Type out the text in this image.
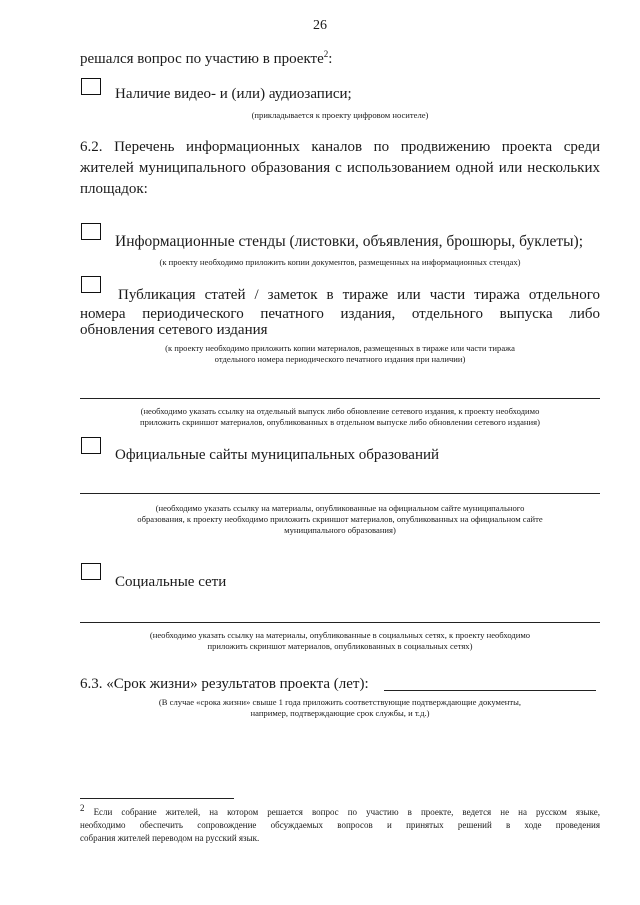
26
решался вопрос по участию в проекте$^2$:
Наличие видео- и (или) аудиозаписи;
(прикладывается к проекту цифровом носителе)
6.2. Перечень информационных каналов по продвижению проекта среди
жителей муниципального образования с использованием одной или нескольких
площадок:
Информационные стенды (листовки, объявления, брошюры, буклеты);
(к проекту необходимо приложить копии документов, размещенных на информационных стендах)
Публикация статей / заметок в тираже или части тиража отдельного
номера периодического печатного издания, отдельного выпуска либо
обновления сетевого издания
(к проекту необходимо приложить копии материалов, размещенных в тираже или части тиража
отдельного номера периодического печатного издания при наличии)
(необходимо указать ссылку на отдельный выпуск либо обновление сетевого издания, к проекту необходимо
приложить скриншот материалов, опубликованных в отдельном выпуске либо обновлении сетевого издания)
Официальные сайты муниципальных образований
(необходимо указать ссылку на материалы, опубликованные на официальном сайте муниципального
образования, к проекту необходимо приложить скриншот материалов, опубликованных на официальном сайте
муниципального образования)
Социальные сети
(необходимо указать ссылку на материалы, опубликованные в социальных сетях, к проекту необходимо
приложить скриншот материалов, опубликованных в социальных сетях)
6.3. «Срок жизни» результатов проекта (лет):
(В случае «срока жизни» свыше 1 года приложить соответствующие подтверждающие документы,
например, подтверждающие срок службы, и т.д.)
2 Если собрание жителей, на котором решается вопрос по участию в проекте, ведется не на русском языке,
необходимо обеспечить сопровождение обсуждаемых вопросов и принятых решений в ходе проведения
собрания жителей переводом на русский язык.
